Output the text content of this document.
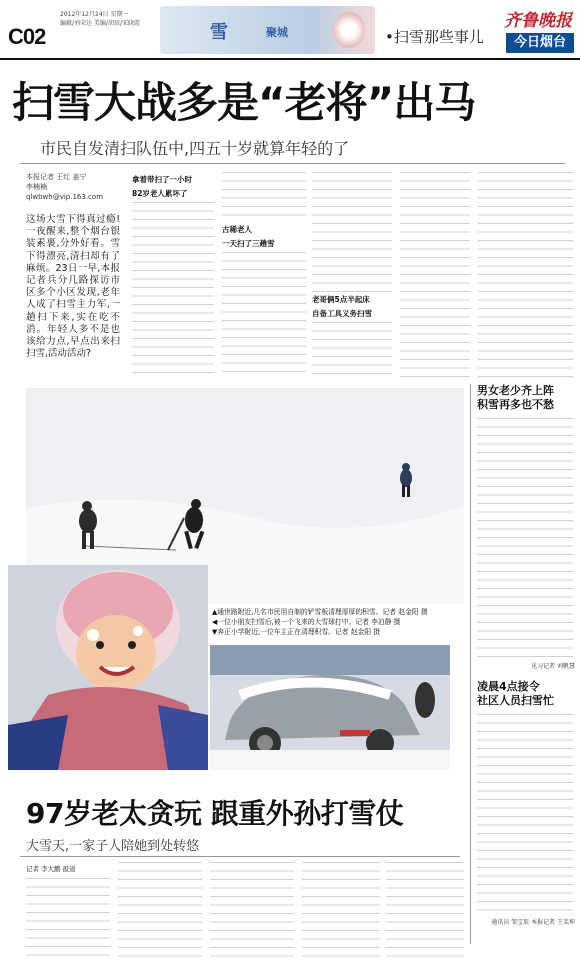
C02
2012年12月24日 星期一
编辑/刘荣达 美编/胡辰/宋晓霞	雪	聚城	•扫雪那些事儿
齐鲁晚报
今日烟台
扫雪大战多是“老将”出马
市民自发清扫队伍中,四五十岁就算年轻的了
本报记者 王红 姜宁
李楠楠
qlwbwh@vip.163.com
这场大雪下得真过瘾!一夜醒来,整个烟台银装素裹,分外好看。雪下得漂亮,清扫却有了麻烦。23日一早,本报记者兵分几路探访市区多个小区发现,老年人成了扫雪主力军,一趟扫下来,实在吃不消。年轻人多不是也该给力点,早点出来扫扫雪,活动活动?
拿着带扫了一小时
82岁老人累坏了
古稀老人
一天扫了三趟雪
老哥俩5点半起床
自备工具义务扫雪
▲通世路附近,几名市民用自制的铲雪板清理厚厚的积雪。记者 赵金阳 摄
◀一位小朋友扫雪后,被一个飞来的大雪球打中。记者 李泊静 摄
▼奔正小学附近,一位车主正在清理积雪。记者 赵金阳 摄
男女老少齐上阵
积雪再多也不愁
见习记者 刘帆慧
凌晨4点接令
社区人员扫雪忙
通讯员 邹宝辰 本报记者 王芙坤
97岁老太贪玩 跟重外孙打雪仗
大雪天,一家子人陪她到处转悠
记者 李大鹏 报道
